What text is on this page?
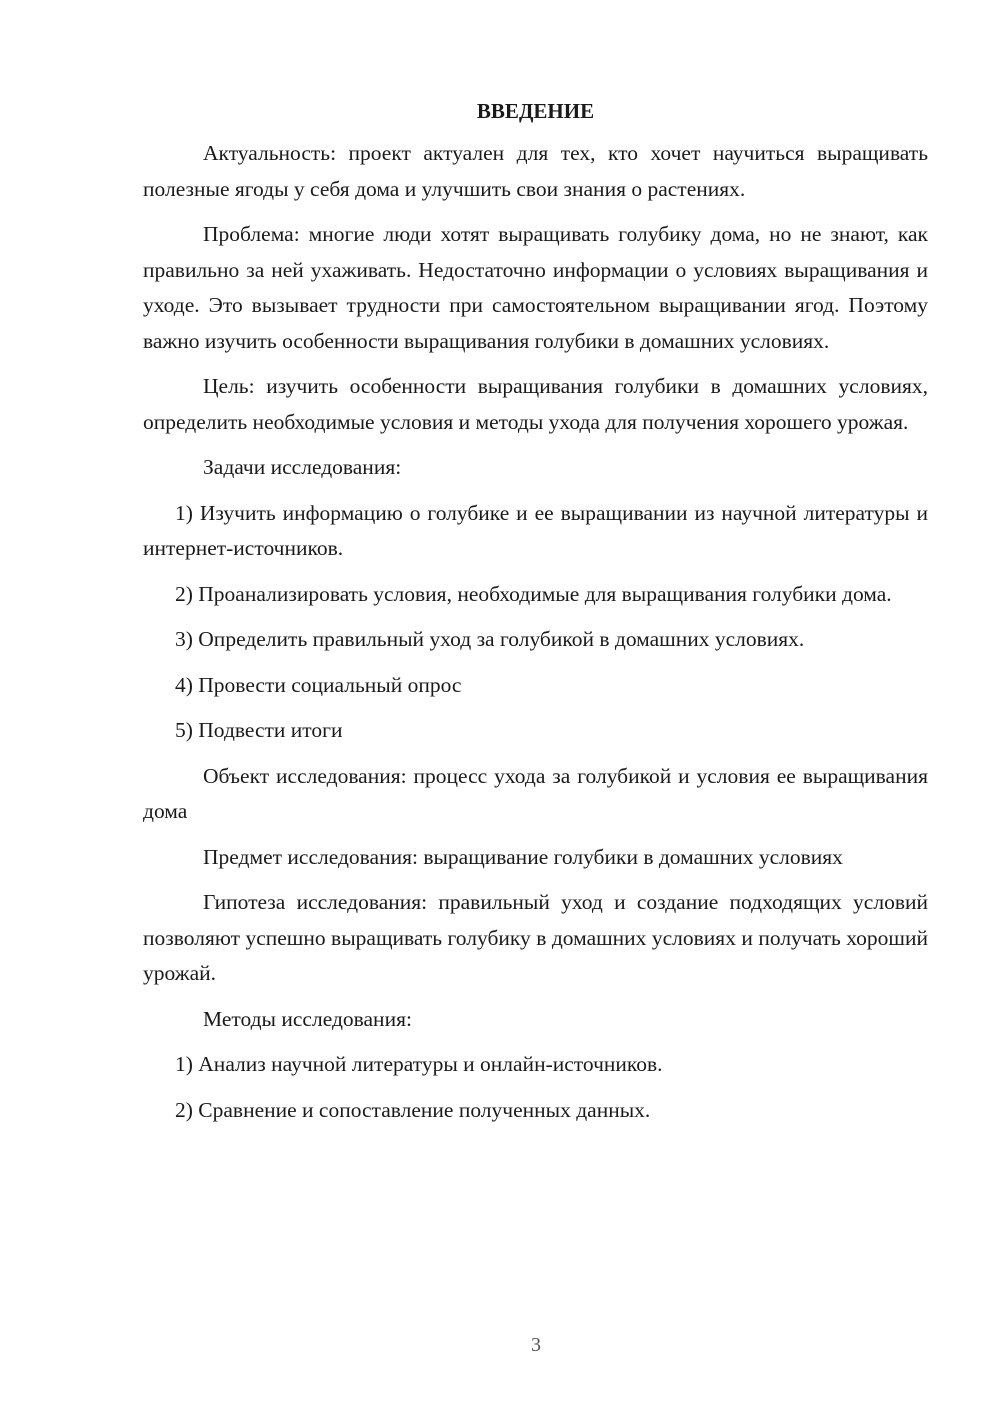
ВВЕДЕНИЕ

Актуальность: проект актуален для тех, кто хочет научиться выращивать полезные ягоды у себя дома и улучшить свои знания о растениях.

Проблема: многие люди хотят выращивать голубику дома, но не знают, как правильно за ней ухаживать. Недостаточно информации о условиях выращивания и уходе. Это вызывает трудности при самостоятельном выращивании ягод. Поэтому важно изучить особенности выращивания голубики в домашних условиях.

Цель: изучить особенности выращивания голубики в домашних условиях, определить необходимые условия и методы ухода для получения хорошего урожая.

Задачи исследования:

1) Изучить информацию о голубике и ее выращивании из научной литературы и интернет-источников.

2) Проанализировать условия, необходимые для выращивания голубики дома.

3) Определить правильный уход за голубикой в домашних условиях.

4) Провести социальный опрос

5) Подвести итоги

Объект исследования: процесс ухода за голубикой и условия ее выращивания дома

Предмет исследования: выращивание голубики в домашних условиях

Гипотеза исследования: правильный уход и создание подходящих условий позволяют успешно выращивать голубику в домашних условиях и получать хороший урожай.

Методы исследования:

1) Анализ научной литературы и онлайн-источников.

2) Сравнение и сопоставление полученных данных.

3
